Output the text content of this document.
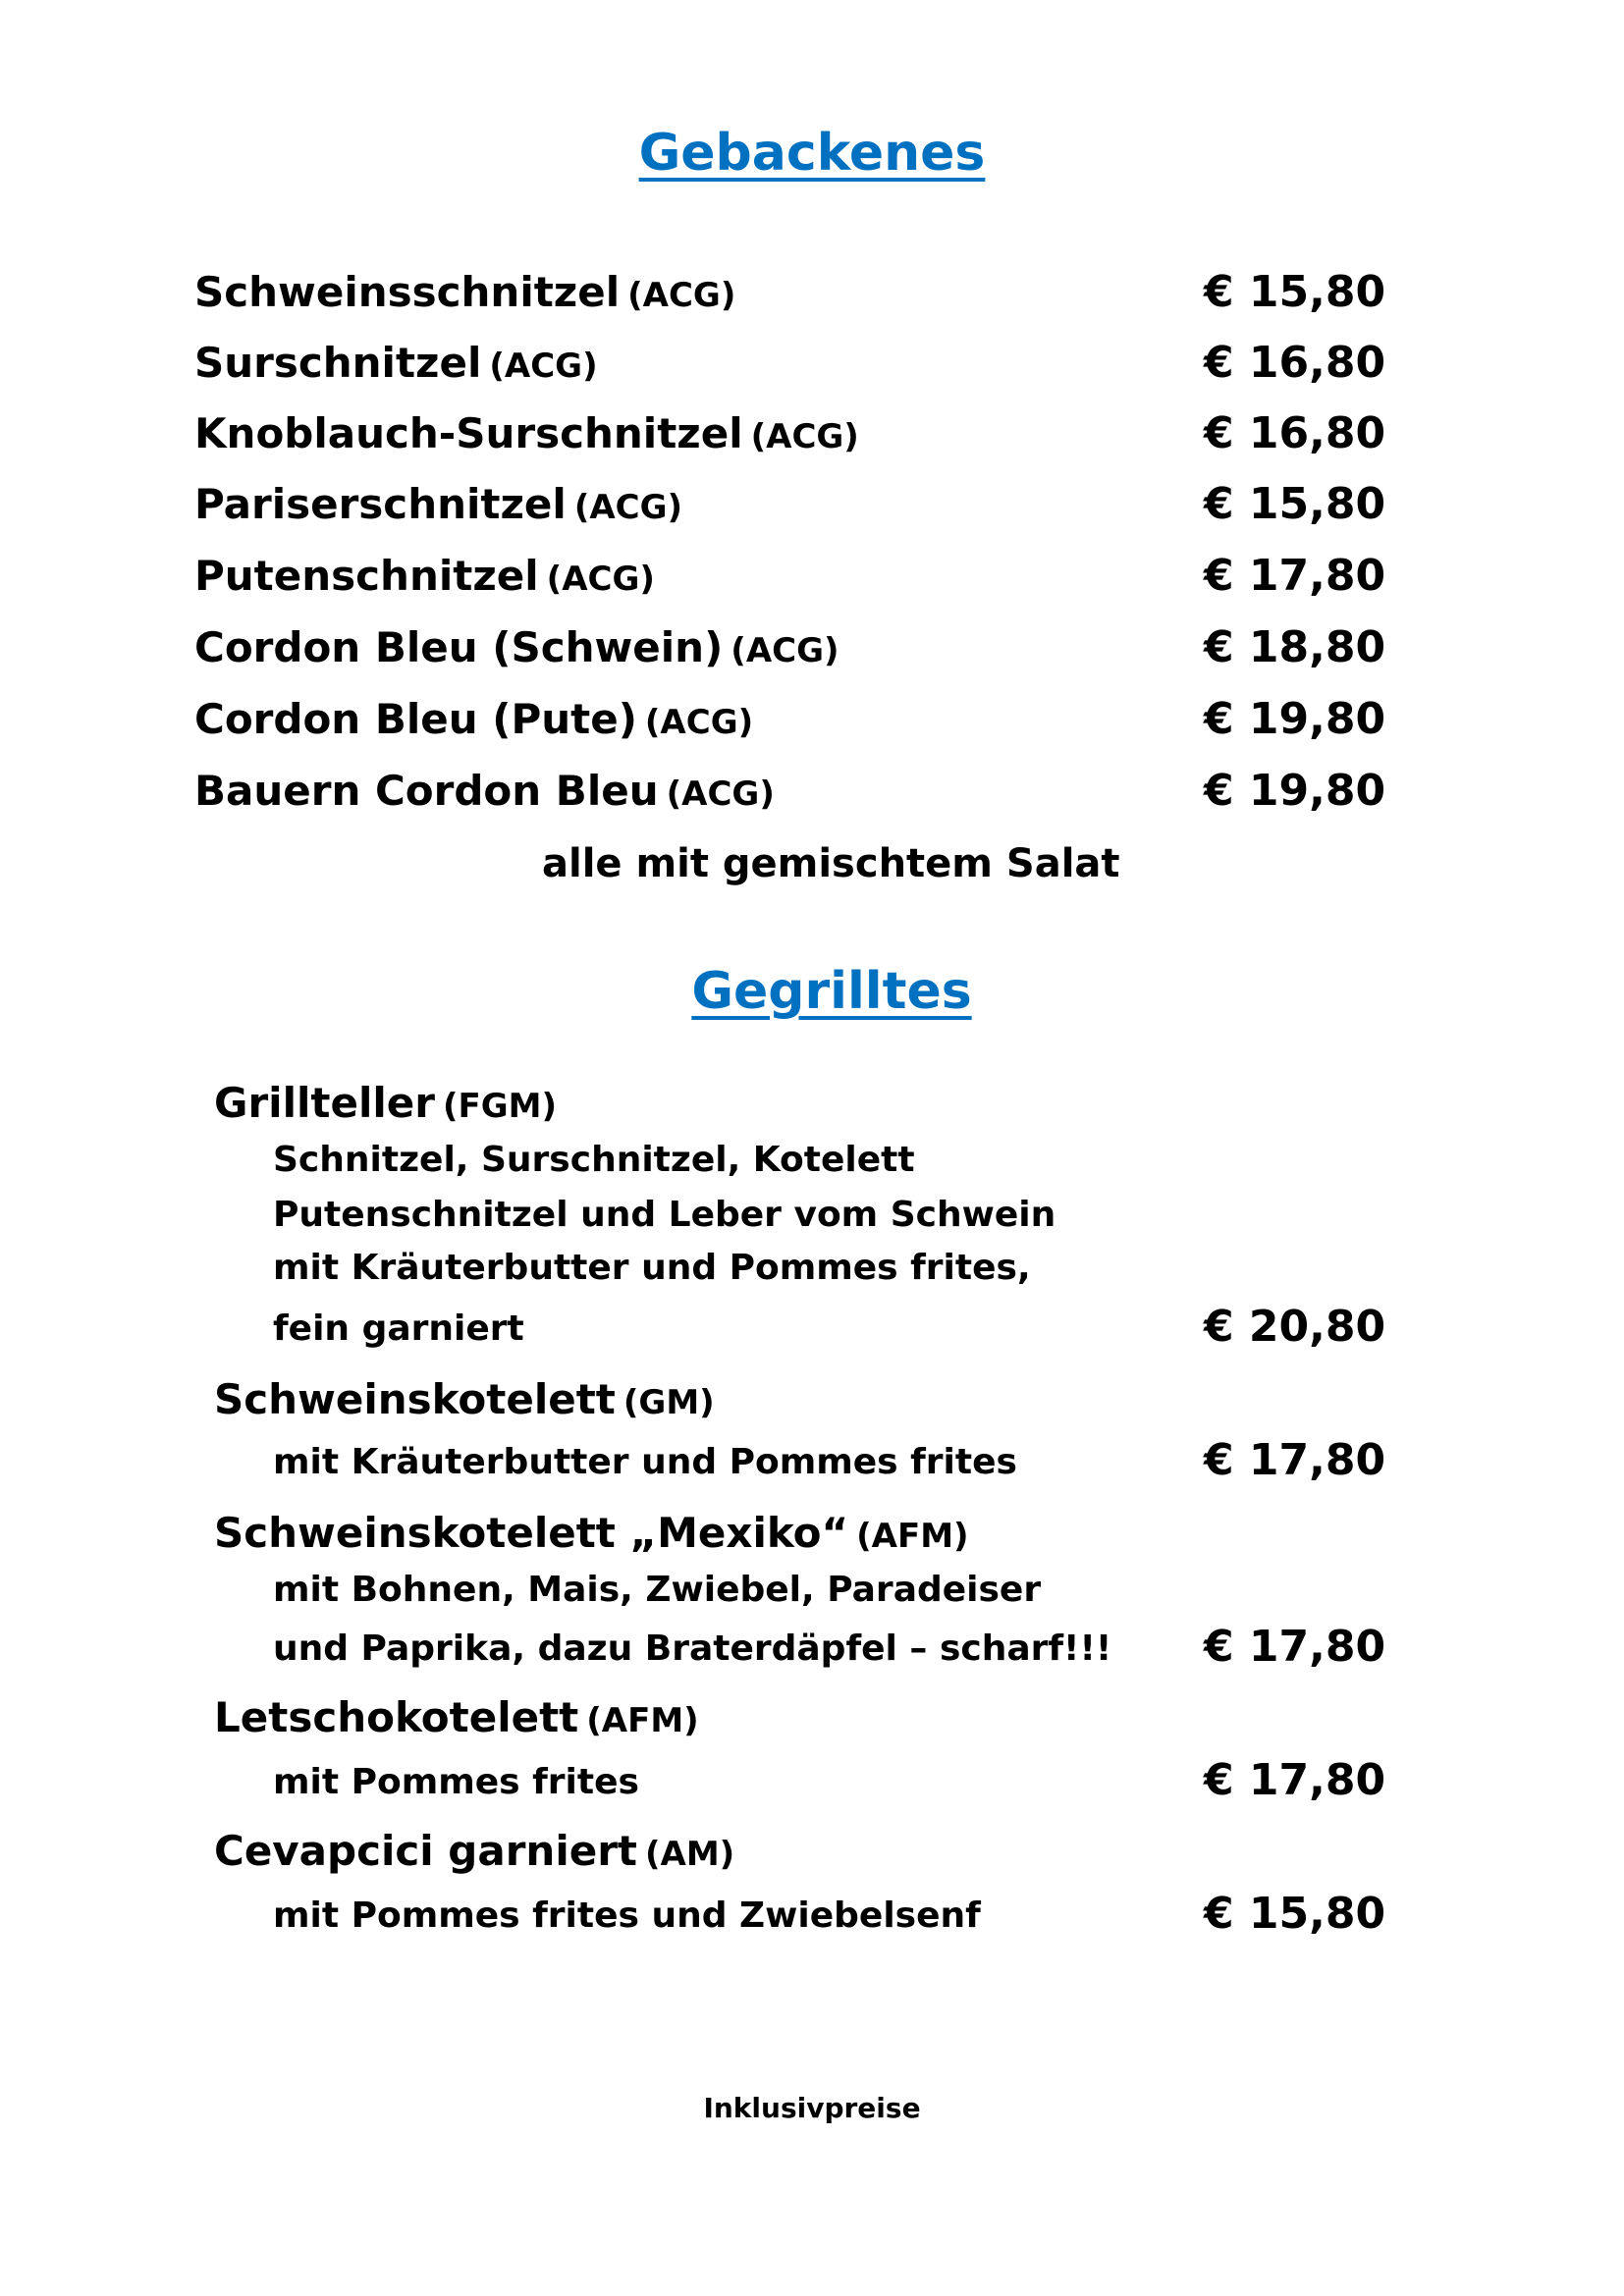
Gebackenes
Schweinsschnitzel (ACG)	€ 15,80
Surschnitzel (ACG)	€ 16,80
Knoblauch-Surschnitzel (ACG)	€ 16,80
Pariserschnitzel (ACG)	€ 15,80
Putenschnitzel (ACG)	€ 17,80
Cordon Bleu (Schwein) (ACG)	€ 18,80
Cordon Bleu (Pute) (ACG)	€ 19,80
Bauern Cordon Bleu (ACG)	€ 19,80
alle mit gemischtem Salat
Gegrilltes
Grillteller (FGM)
Schnitzel, Surschnitzel, Kotelett
Putenschnitzel und Leber vom Schwein
mit Kräuterbutter und Pommes frites,
fein garniert	€ 20,80
Schweinskotelett (GM)
mit Kräuterbutter und Pommes frites	€ 17,80
Schweinskotelett „Mexiko“ (AFM)
mit Bohnen, Mais, Zwiebel, Paradeiser
und Paprika, dazu Braterdäpfel – scharf!!! € 17,80
Letschokotelett (AFM)
mit Pommes frites	€ 17,80
Cevapcici garniert (AM)
mit Pommes frites und Zwiebelsenf	€ 15,80
Inklusivpreise
